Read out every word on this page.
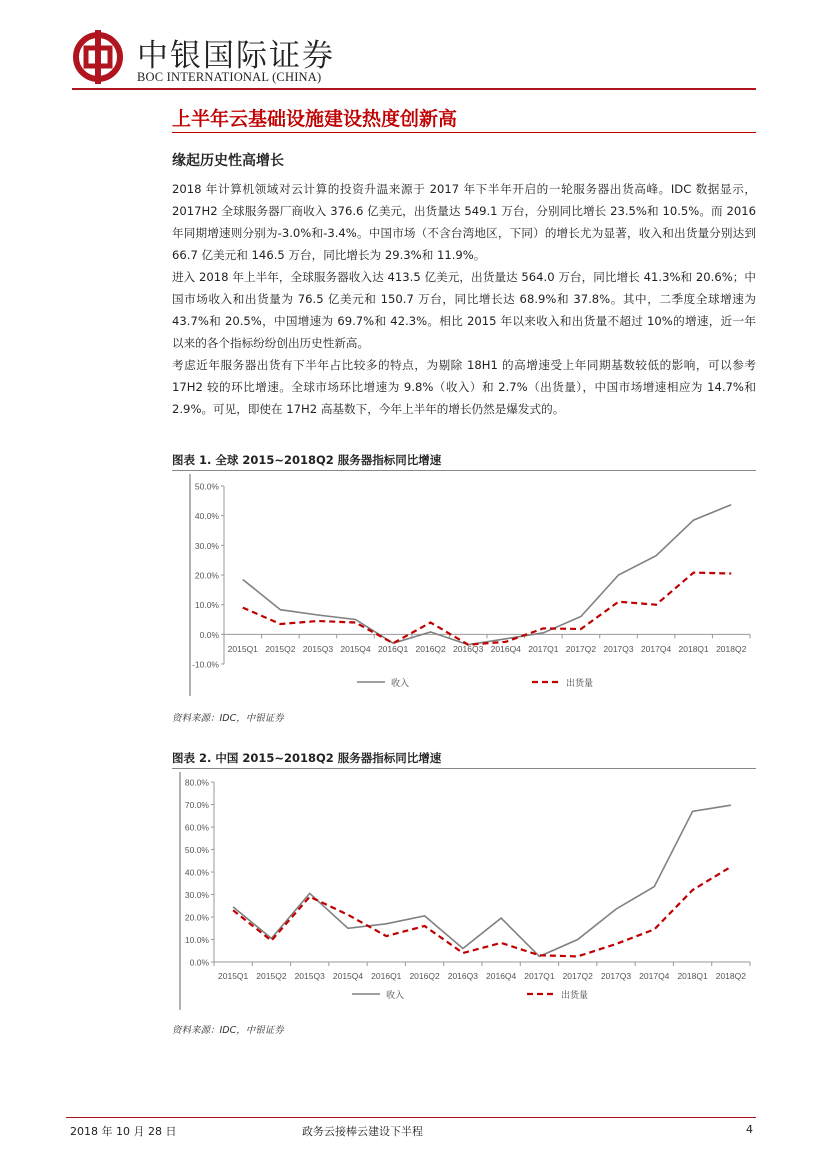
中银国际证券
BOC INTERNATIONAL (CHINA)
上半年云基础设施建设热度创新高
缘起历史性高增长

2018 年计算机领域对云计算的投资升温来源于 2017 年下半年开启的一轮服务器出货高峰。IDC 数据显示，2017H2 全球服务器厂商收入 376.6 亿美元，出货量达 549.1 万台，分别同比增长 23.5%和 10.5%。而 2016 年同期增速则分别为-3.0%和-3.4%。中国市场（不含台湾地区，下同）的增长尤为显著，收入和出货量分别达到 66.7 亿美元和 146.5 万台，同比增长为 29.3%和 11.9%。

进入 2018 年上半年，全球服务器收入达 413.5 亿美元，出货量达 564.0 万台，同比增长 41.3%和 20.6%；中国市场收入和出货量为 76.5 亿美元和 150.7 万台，同比增长达 68.9%和 37.8%。其中，二季度全球增速为 43.7%和 20.5%，中国增速为 69.7%和 42.3%。相比 2015 年以来收入和出货量不超过 10%的增速，近一年以来的各个指标纷纷创出历史性新高。

考虑近年服务器出货有下半年占比较多的特点，为剔除 18H1 的高增速受上年同期基数较低的影响，可以参考 17H2 较的环比增速。全球市场环比增速为 9.8%（收入）和 2.7%（出货量），中国市场增速相应为 14.7%和 2.9%。可见，即使在 17H2 高基数下，今年上半年的增长仍然是爆发式的。

图表 1. 全球 2015~2018Q2 服务器指标同比增速
50.0%
40.0%
30.0%
20.0%
10.0%
0.0%
-10.0%
2015Q1 2015Q2 2015Q3 2015Q4 2016Q1 2016Q2 2016Q3 2016Q4 2017Q1 2017Q2 2017Q3 2017Q4 2018Q1 2018Q2
收入	出货量
资料来源：IDC，中银证券
图表 2. 中国 2015~2018Q2 服务器指标同比增速
80.0%
70.0%
60.0%
50.0%
40.0%
30.0%
20.0%
10.0%
0.0%
2015Q1 2015Q2 2015Q3 2015Q4 2016Q1 2016Q2 2016Q3 2016Q4 2017Q1 2017Q2 2017Q3 2017Q4 2018Q1 2018Q2
收入	出货量
资料来源：IDC，中银证券
2018 年 10 月 28 日	政务云接棒云建设下半程	4
